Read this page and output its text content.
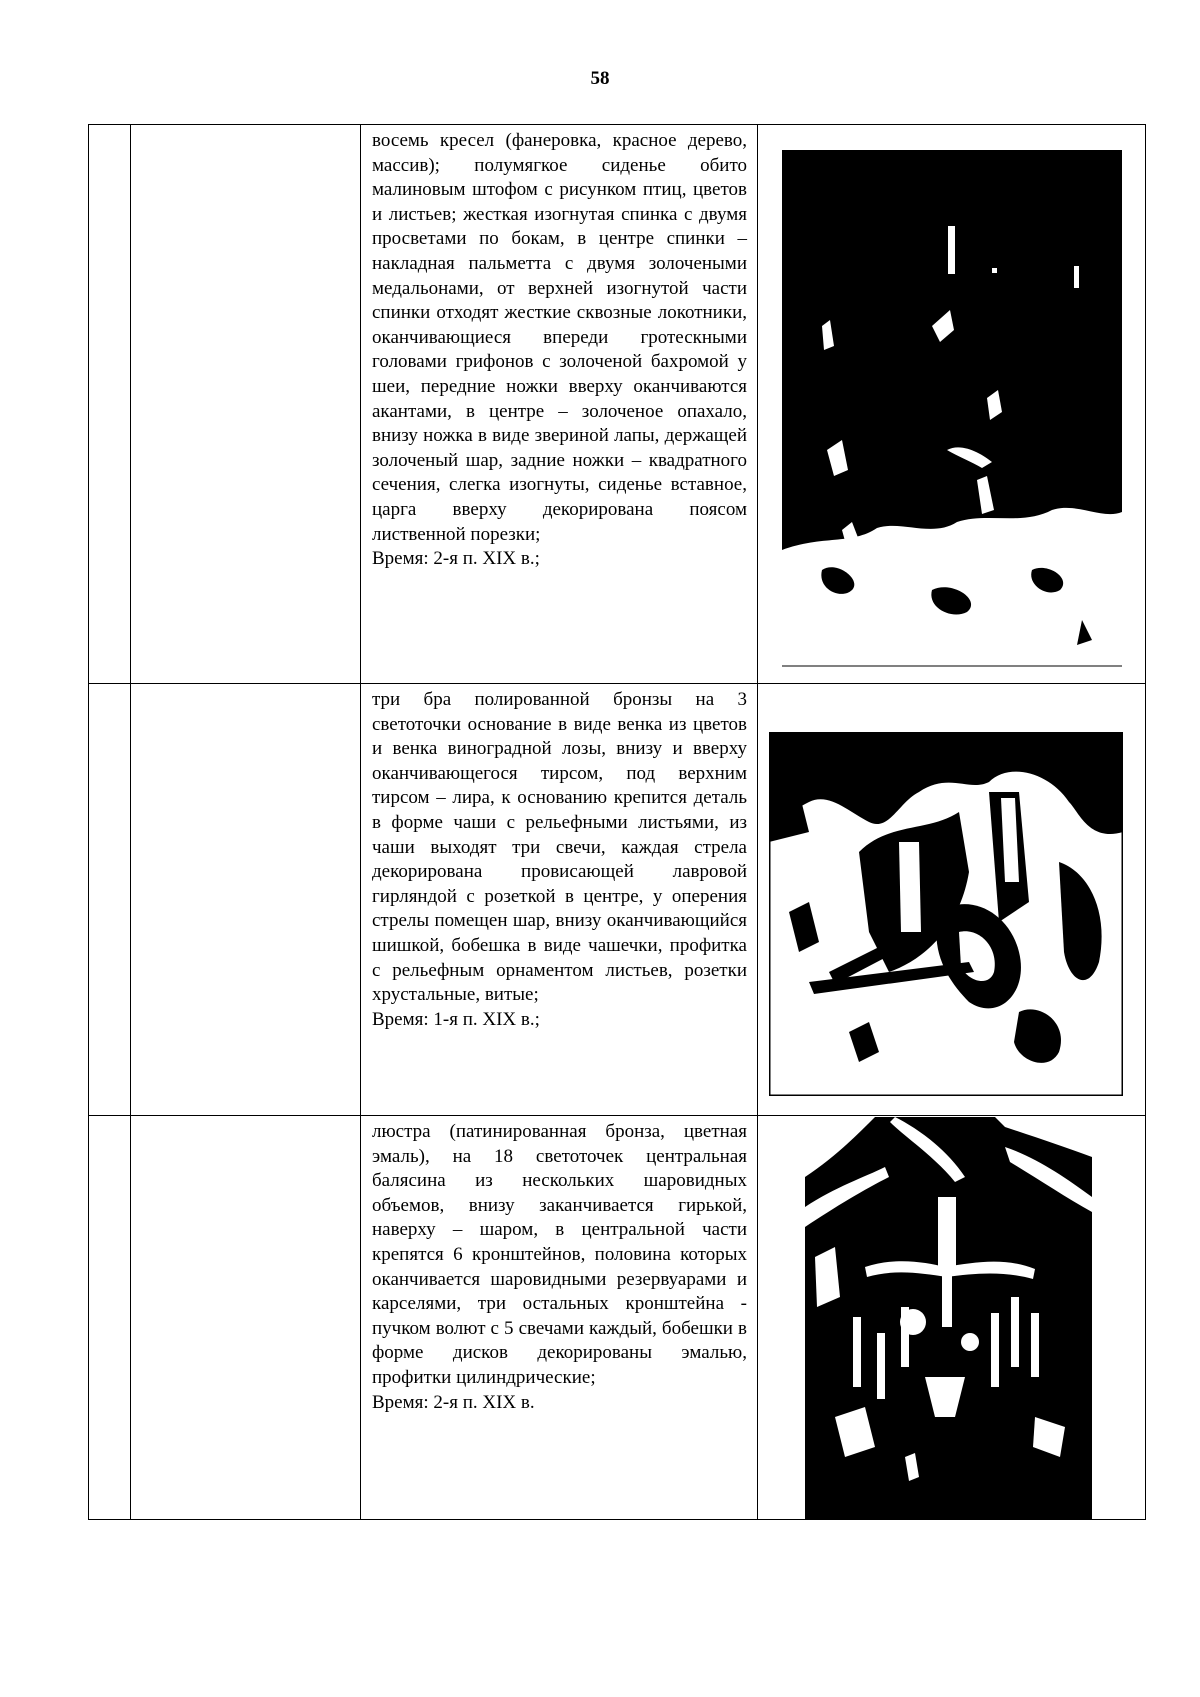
58

		восемь кресел (фанеровка, красное дерево, массив); полумягкое сиденье обито малиновым штофом с рисунком птиц, цветов и листьев; жесткая изогнутая спинка с двумя просветами по бокам, в центре спинки – накладная пальметта с двумя золочеными медальонами, от верхней изогнутой части спинки отходят жесткие сквозные локотники, оканчивающиеся впереди гротескными головами грифонов с золоченой бахромой у шеи, передние ножки вверху оканчиваются акантами, в центре – золоченое опахало, внизу ножка в виде звериной лапы, держащей золоченый шар, задние ножки – квадратного сечения, слегка изогнуты, сиденье вставное, царга вверху декорирована поясом лиственной порезки;

Время: 2-я п. XIX в.;

		три бра полированной бронзы на 3 светоточки основание в виде венка из цветов и венка виноградной лозы, внизу и вверху оканчивающегося тирсом, под верхним тирсом – лира, к основанию крепится деталь в форме чаши с рельефными листьями, из чаши выходят три свечи, каждая стрела декорирована провисающей лавровой гирляндой с розеткой в центре, у оперения стрелы помещен шар, внизу оканчивающийся шишкой, бобешка в виде чашечки, профитка с рельефным орнаментом листьев, розетки хрустальные, витые;

Время: 1-я п. XIX в.;

		люстра (патинированная бронза, цветная эмаль), на 18 светоточек центральная балясина из нескольких шаровидных объемов, внизу заканчивается гирькой, наверху – шаром, в центральной части крепятся 6 кронштейнов, половина которых оканчивается шаровидными резервуарами и карселями, три остальных кронштейна - пучком волют с 5 свечами каждый, бобешки в форме дисков декорированы эмалью, профитки цилиндрические;

Время: 2-я п. XIX в.
